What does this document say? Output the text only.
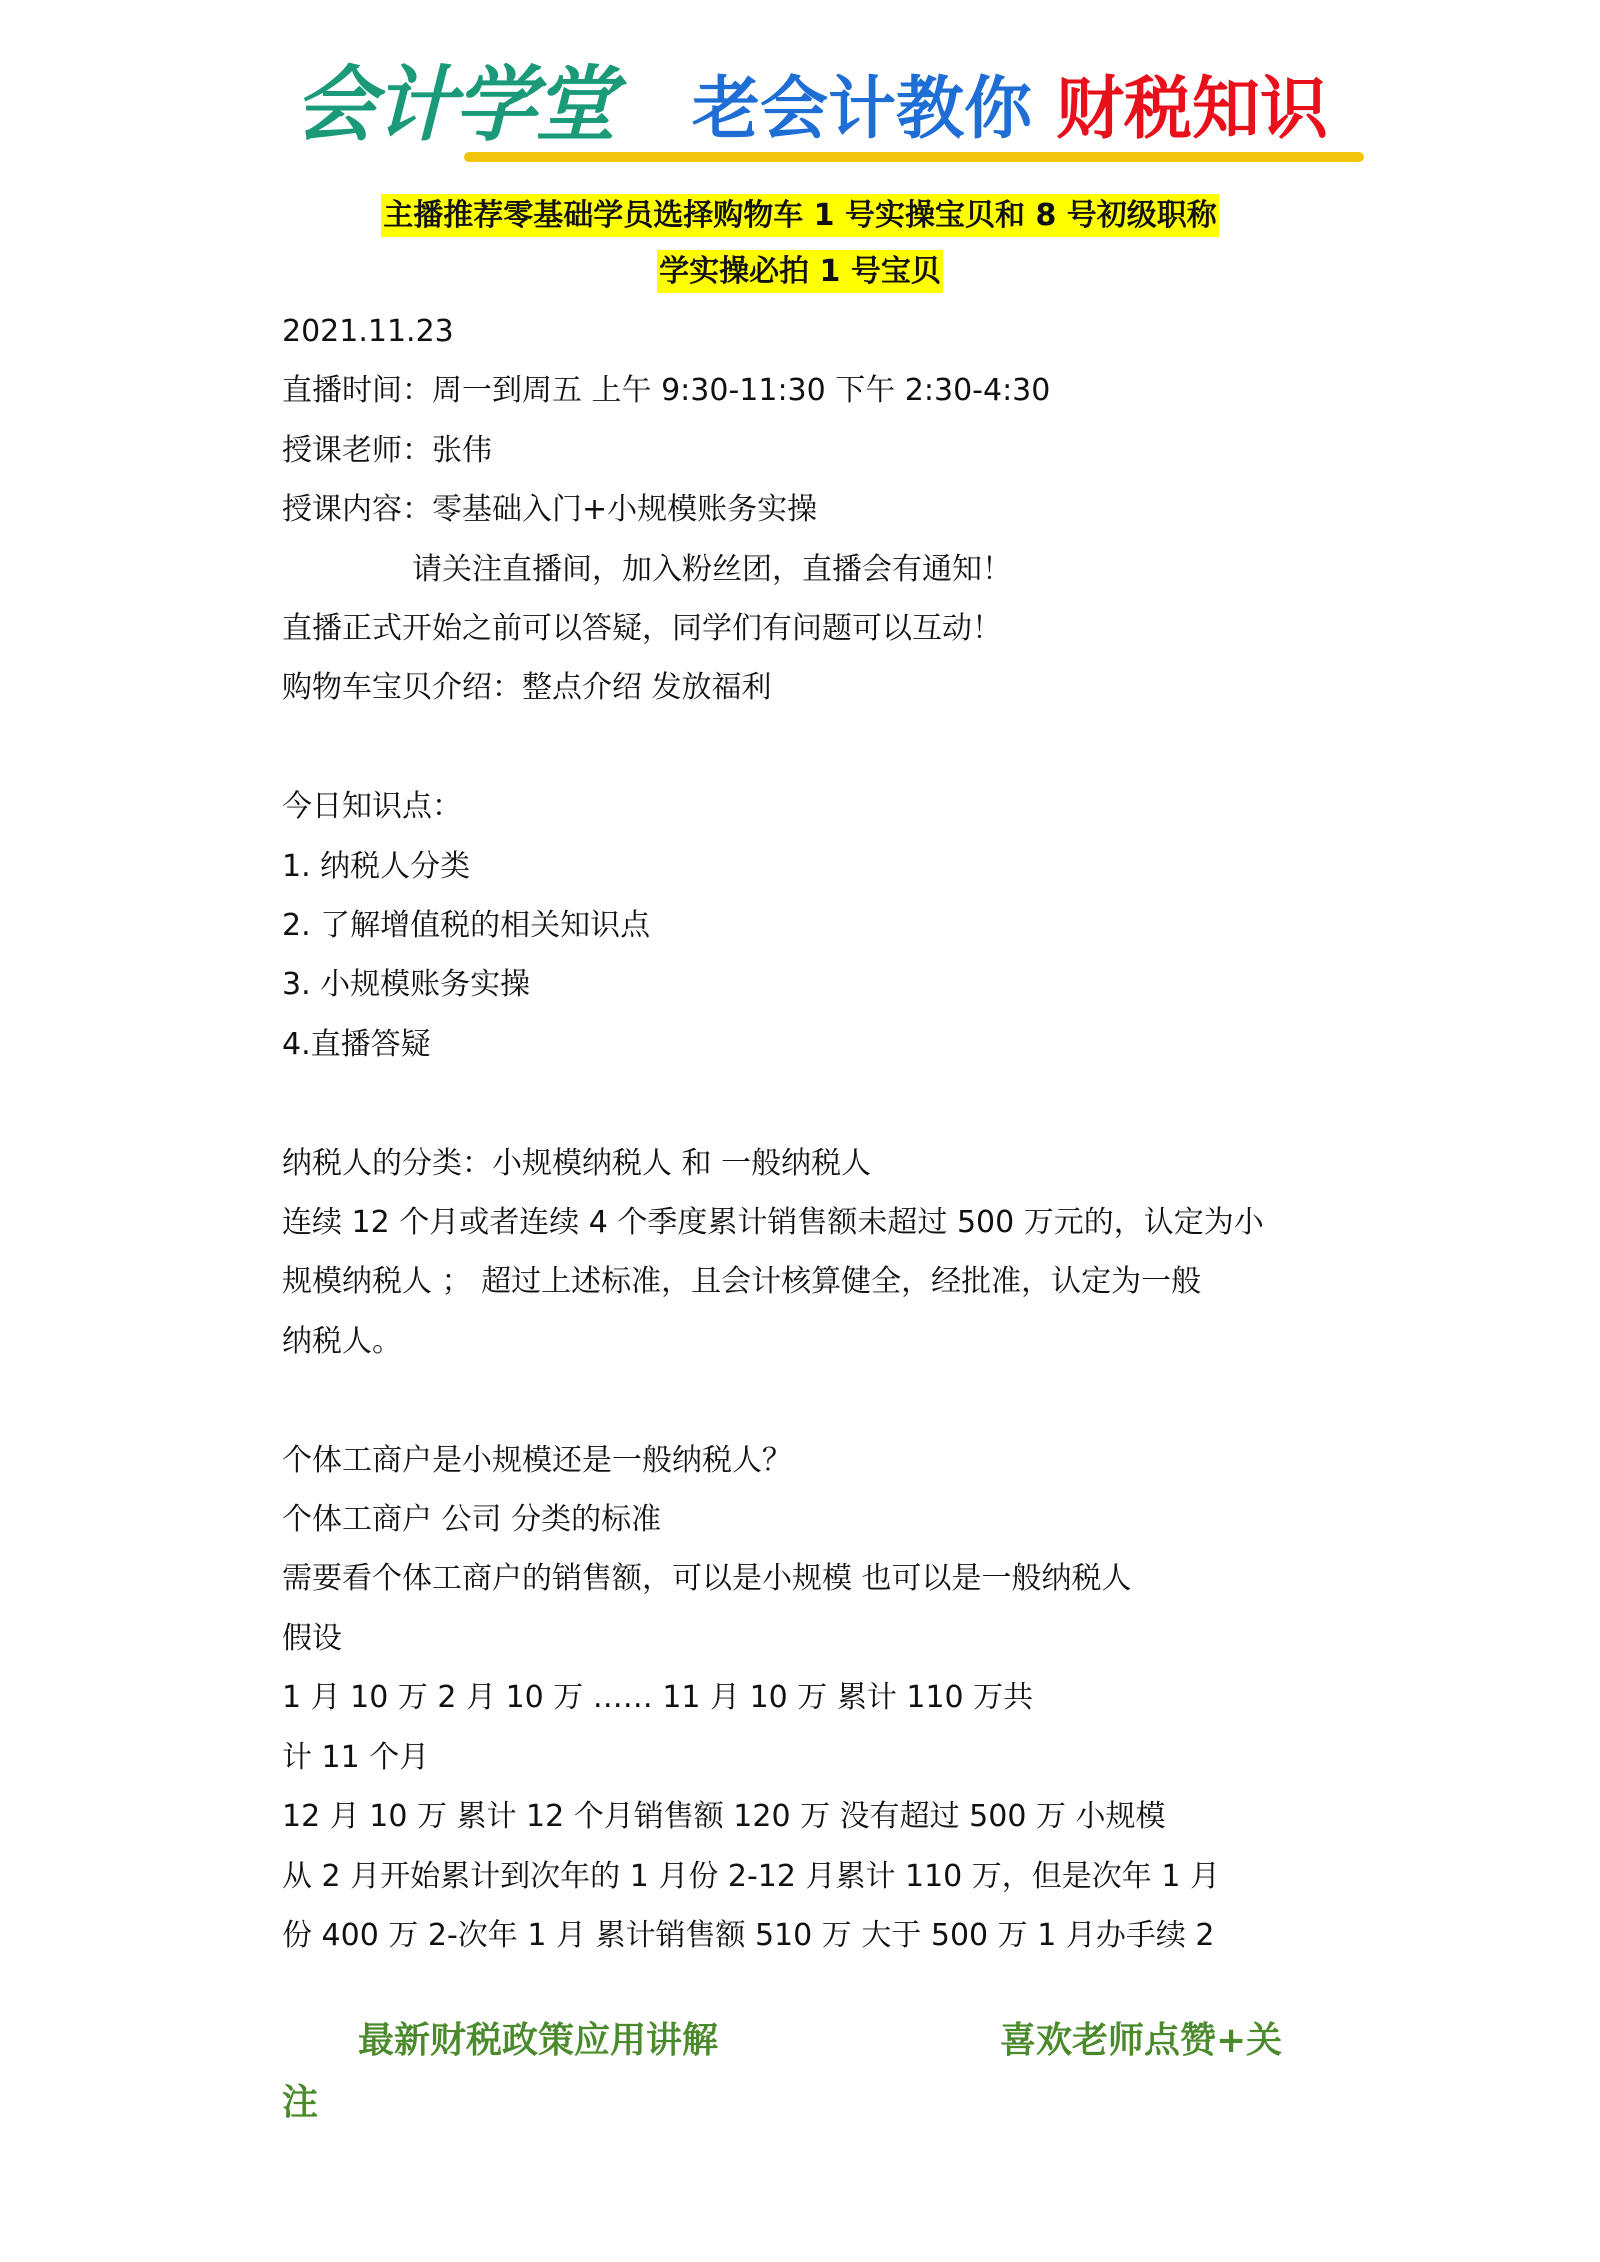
会计学堂 老会计教你 财税知识
主播推荐零基础学员选择购物车 1 号实操宝贝和 8 号初级职称
学实操必拍 1 号宝贝

2021.11.23

直播时间：周一到周五 上午 9:30-11:30 下午 2:30-4:30

授课老师：张伟

授课内容：零基础入门+小规模账务实操

请关注直播间，加入粉丝团，直播会有通知！

直播正式开始之前可以答疑，同学们有问题可以互动！

购物车宝贝介绍：整点介绍 发放福利

今日知识点：

1. 纳税人分类

2. 了解增值税的相关知识点

3. 小规模账务实操

4.直播答疑

纳税人的分类：小规模纳税人 和 一般纳税人

连续 12 个月或者连续 4 个季度累计销售额未超过 500 万元的，认定为小

规模纳税人 ； 超过上述标准，且会计核算健全，经批准，认定为一般

纳税人。

个体工商户是小规模还是一般纳税人？

个体工商户 公司 分类的标准

需要看个体工商户的销售额，可以是小规模 也可以是一般纳税人

假设

1 月 10 万 2 月 10 万 …… 11 月 10 万 累计 110 万共

计 11 个月

12 月 10 万 累计 12 个月销售额 120 万 没有超过 500 万 小规模

从 2 月开始累计到次年的 1 月份 2-12 月累计 110 万，但是次年 1 月

份 400 万 2-次年 1 月 累计销售额 510 万 大于 500 万 1 月办手续 2

最新财税政策应用讲解	喜欢老师点赞+关
注
